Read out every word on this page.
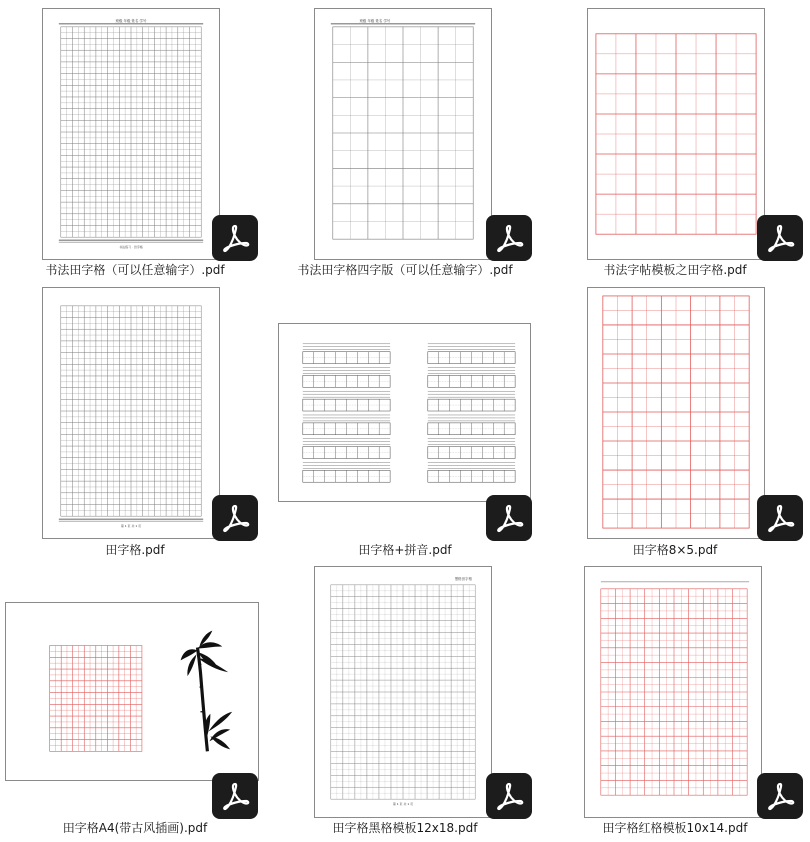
班级 年级 姓名 学号
书法练习 · 田字格
书法田字格（可以任意输字）.pdf
班级 年级 姓名 学号
书法田字格四字版（可以任意输字）.pdf	书法字帖模板之田字格.pdf
第 1 页 共 1 页
田字格.pdf	田字格+拼音.pdf	田字格8×5.pdf
田字格A4(带古风插画).pdf
黑格田字格
第 1 页 共 1 页
田字格黑格模板12x18.pdf	田字格红格模板10x14.pdf
